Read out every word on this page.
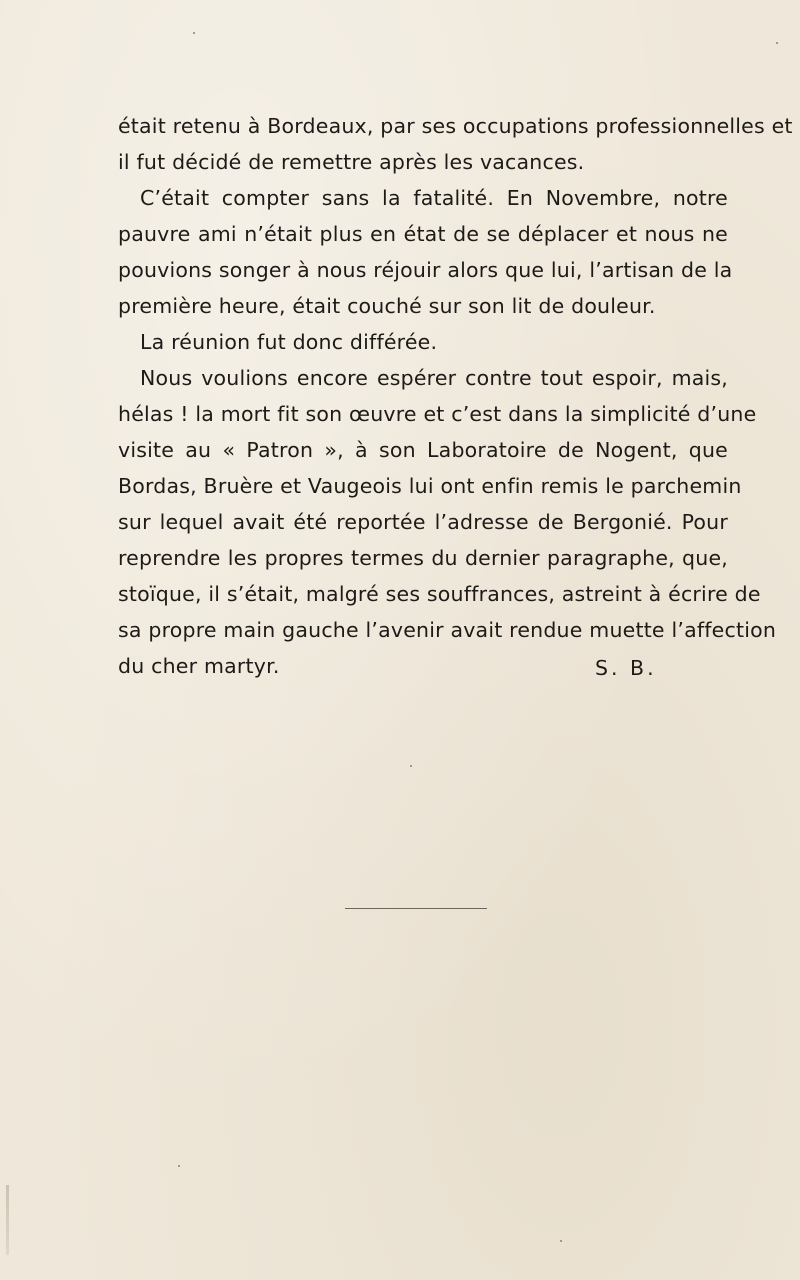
était retenu à Bordeaux, par ses occupations professionnelles et
il fut décidé de remettre après les vacances.
C’était compter sans la fatalité. En Novembre, notre
pauvre ami n’était plus en état de se déplacer et nous ne
pouvions songer à nous réjouir alors que lui, l’artisan de la
première heure, était couché sur son lit de douleur.
La réunion fut donc différée.
Nous voulions encore espérer contre tout espoir, mais,
hélas ! la mort fit son œuvre et c’est dans la simplicité d’une
visite au « Patron », à son Laboratoire de Nogent, que
Bordas, Bruère et Vaugeois lui ont enfin remis le parchemin
sur lequel avait été reportée l’adresse de Bergonié. Pour
reprendre les propres termes du dernier paragraphe, que,
stoïque, il s’était, malgré ses souffrances, astreint à écrire de
sa propre main gauche l’avenir avait rendue muette l’affection
du cher martyr.	S. B.
